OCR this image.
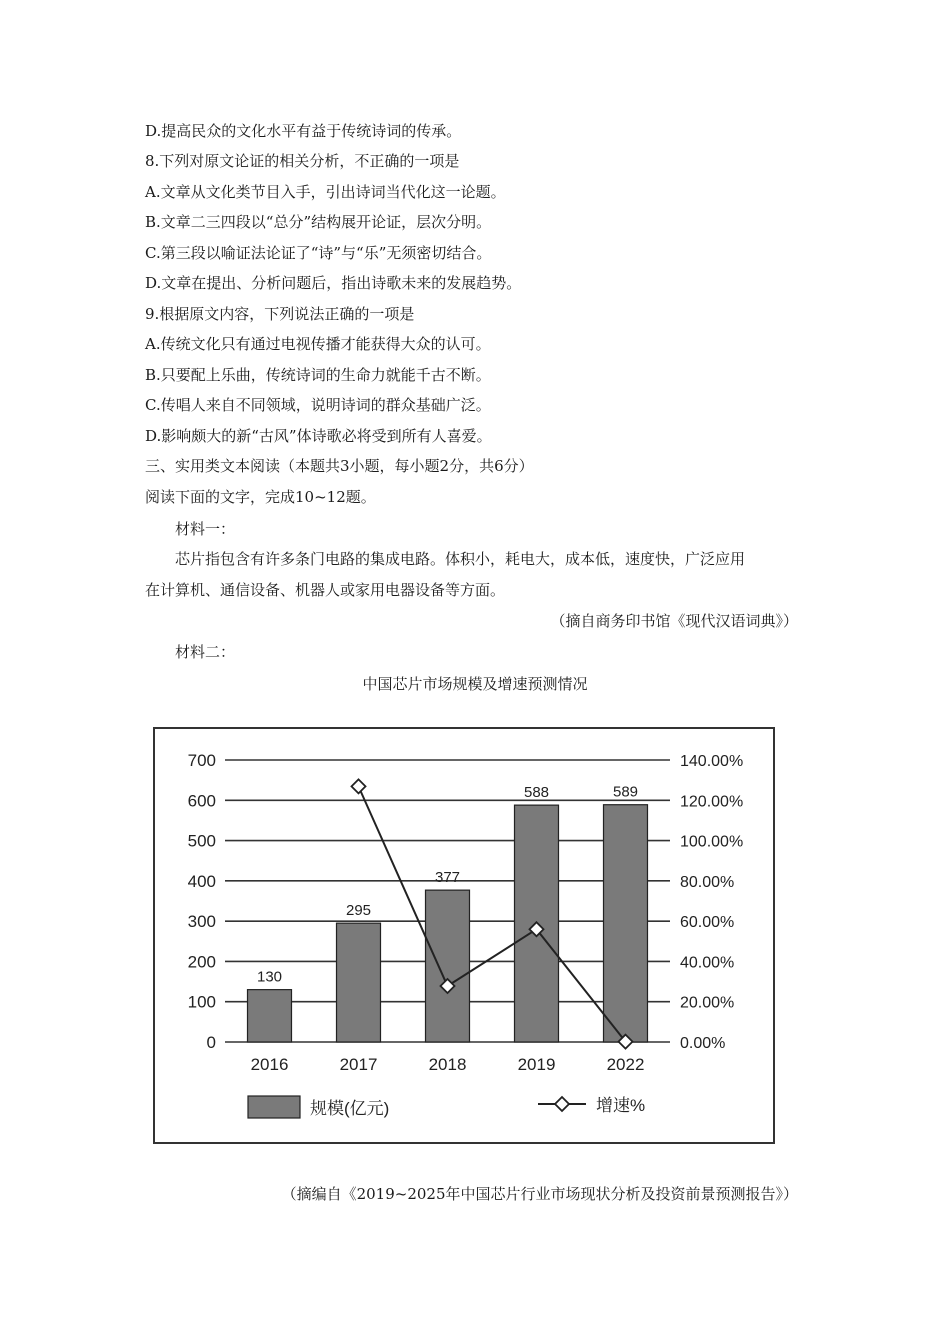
D.提高民众的文化水平有益于传统诗词的传承。
8.下列对原文论证的相关分析，不正确的一项是
A.文章从文化类节目入手，引出诗词当代化这一论题。
B.文章二三四段以“总分”结构展开论证，层次分明。
C.第三段以喻证法论证了“诗”与“乐”无须密切结合。
D.文章在提出、分析问题后，指出诗歌未来的发展趋势。
9.根据原文内容，下列说法正确的一项是
A.传统文化只有通过电视传播才能获得大众的认可。
B.只要配上乐曲，传统诗词的生命力就能千古不断。
C.传唱人来自不同领域，说明诗词的群众基础广泛。
D.影响颇大的新“古风”体诗歌必将受到所有人喜爱。
三、实用类文本阅读（本题共3小题，每小题2分，共6分）
阅读下面的文字，完成10~12题。
材料一：
芯片指包含有许多条门电路的集成电路。体积小，耗电大，成本低，速度快，广泛应用
在计算机、通信设备、机器人或家用电器设备等方面。
（摘自商务印书馆《现代汉语词典》）
材料二：
中国芯片市场规模及增速预测情况
0
100
200
300
400
500
600
700
0.00%
20.00%
40.00%
60.00%
80.00%
100.00%
120.00%
140.00%
130
2016
295
2017
377
2018
588
2019
589
2022
规模(亿元)	增速%
（摘编自《2019~2025年中国芯片行业市场现状分析及投资前景预测报告》）
